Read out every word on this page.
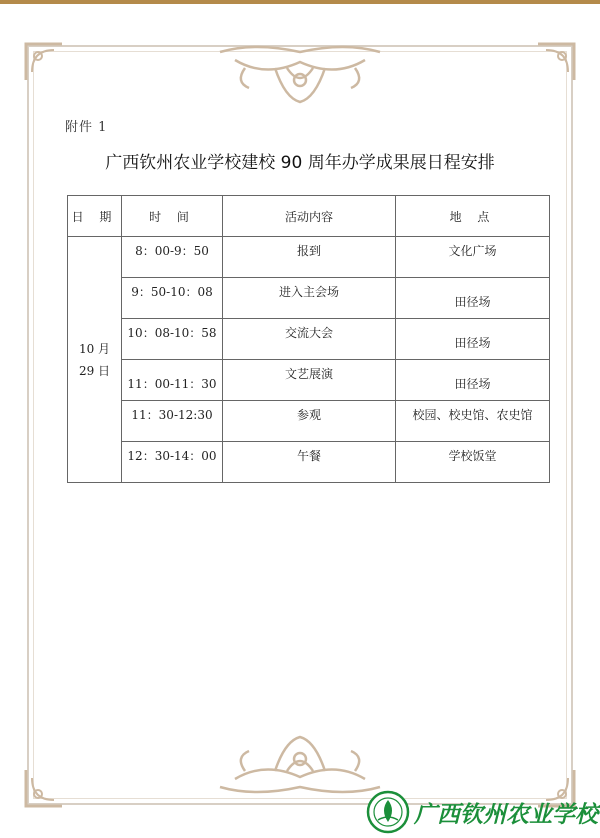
附件 1
广西钦州农业学校建校 90 周年办学成果展日程安排
日 期	时 间	活动内容	地 点

10 月
29 日	8：00-9：50	报到	文化广场
	9：50-10：08	进入主会场	田径场
	10：08-10：58	交流大会	田径场
	11：00-11：30	文艺展演	田径场
	11：30-12:30	参观	校园、校史馆、农史馆
	12：30-14：00	午餐	学校饭堂
广西钦州农业学校
